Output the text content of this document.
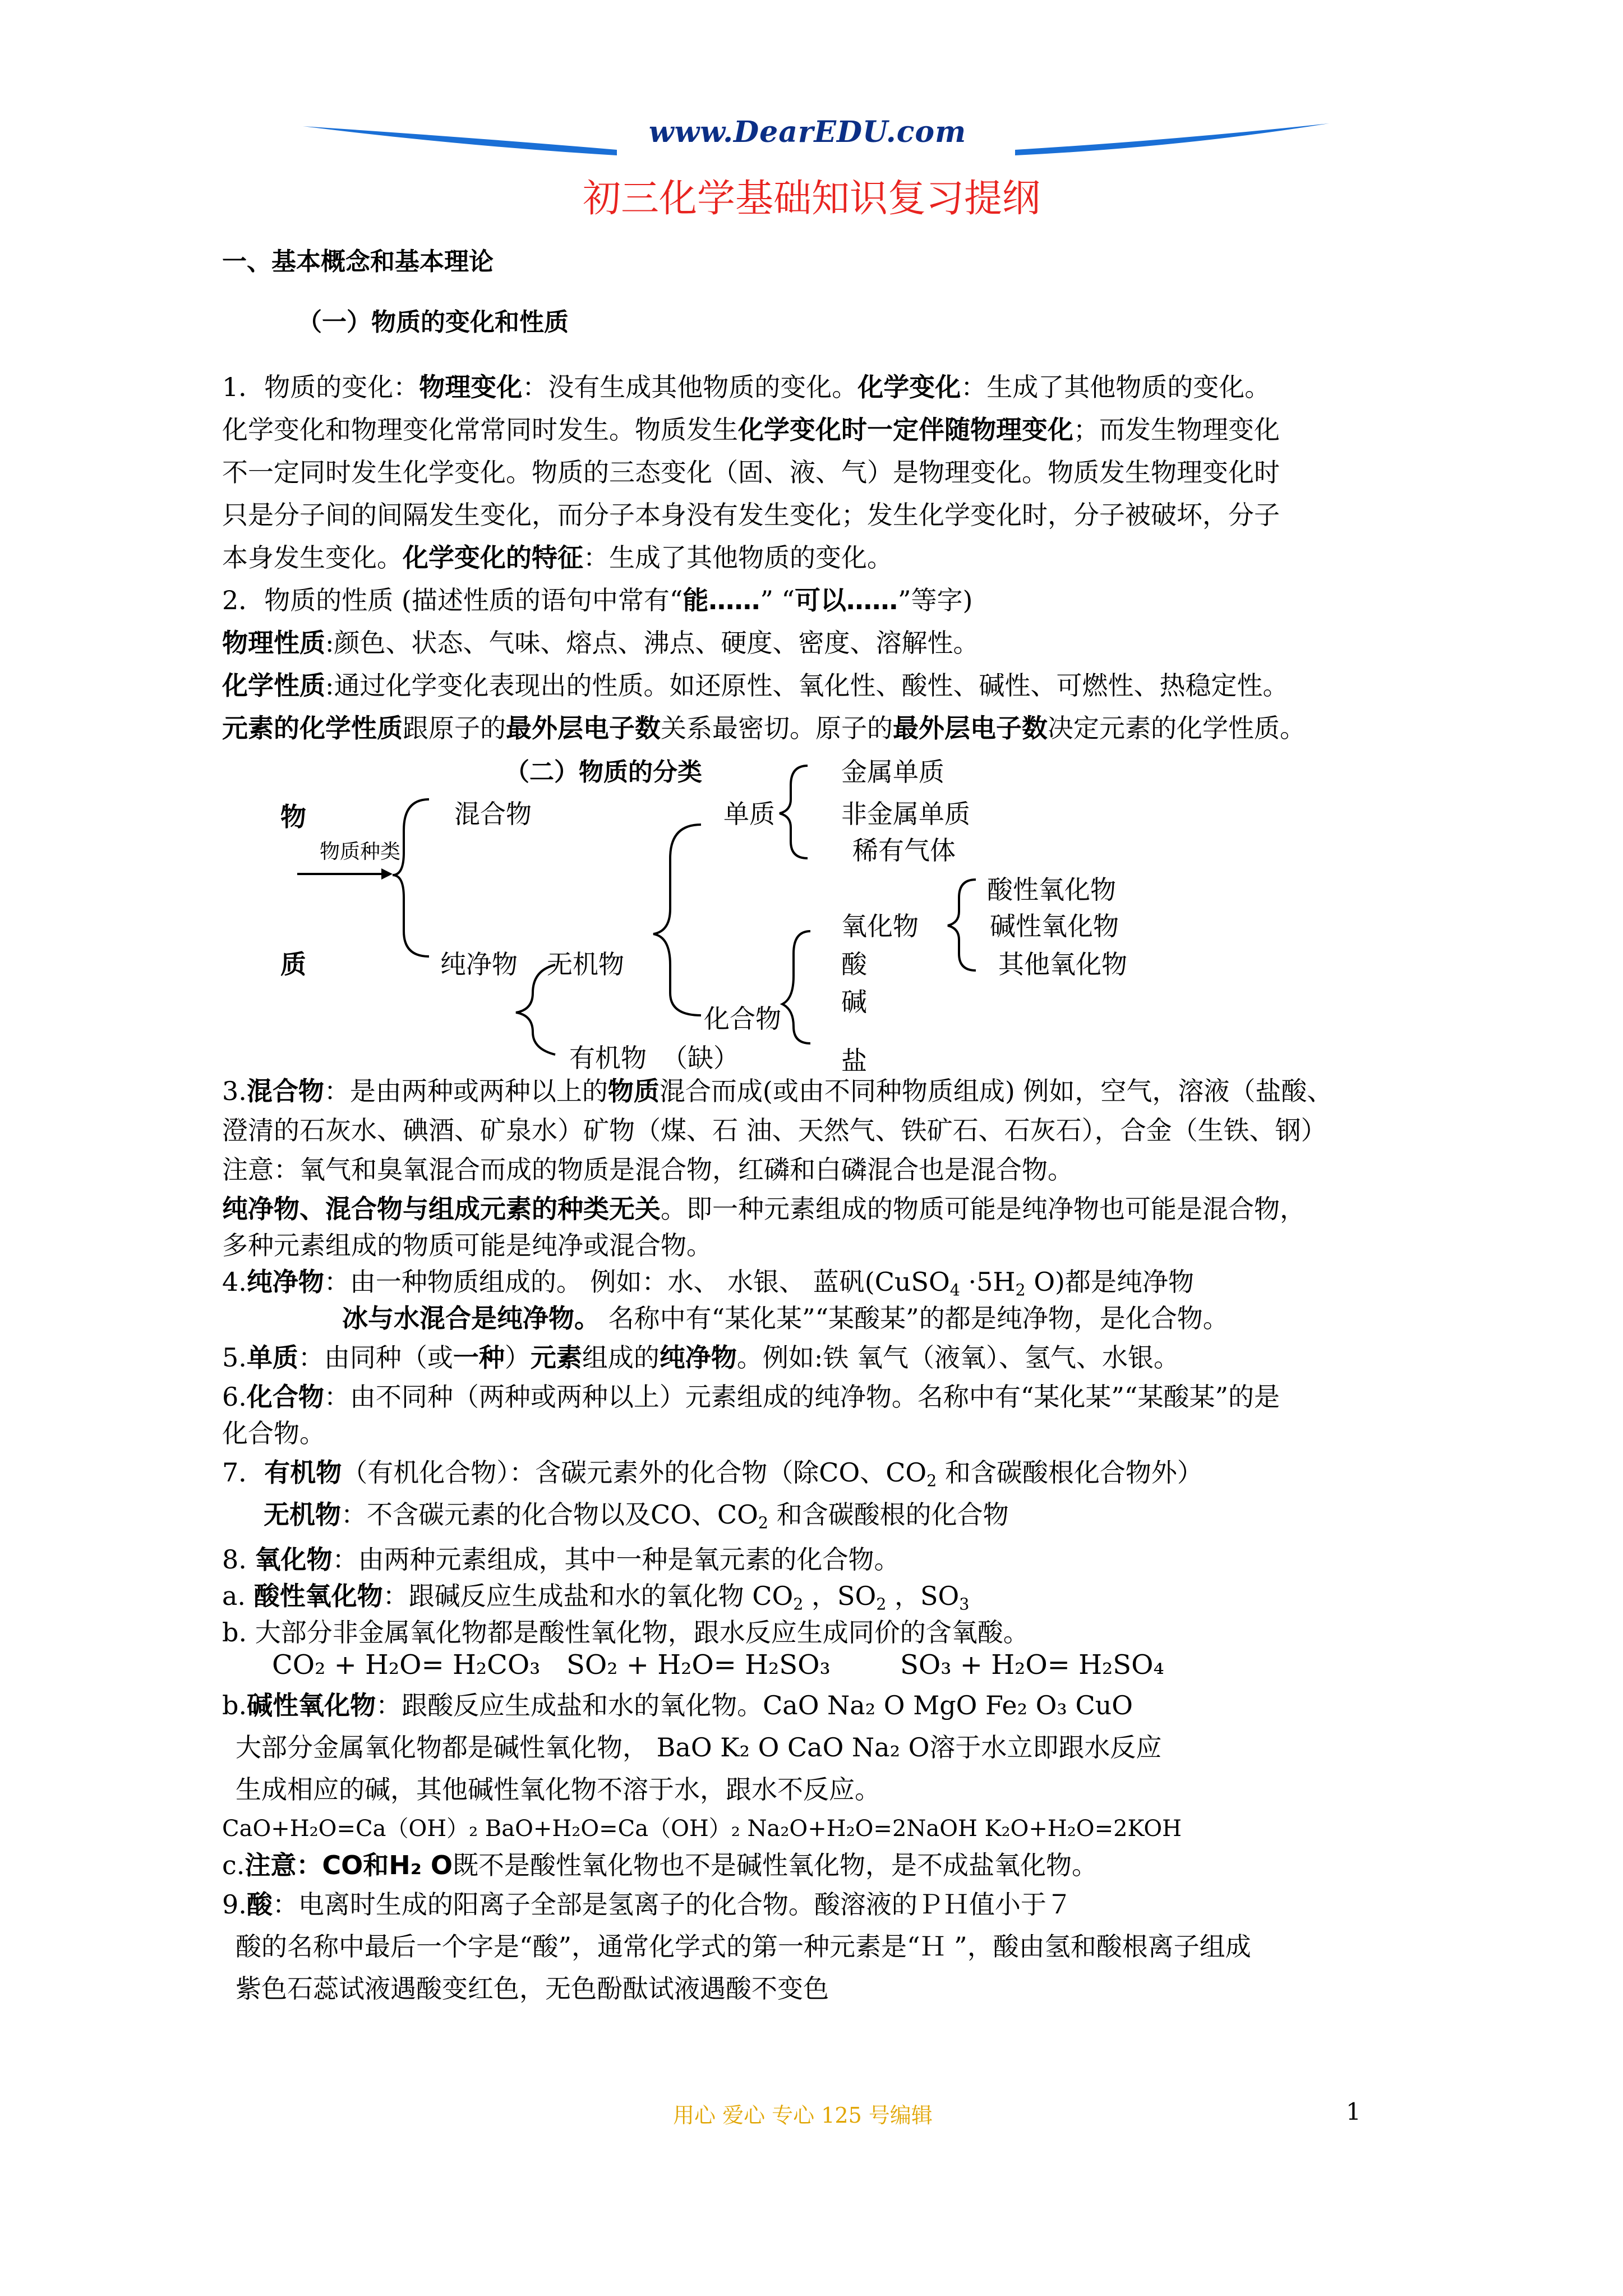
www.DearEDU.com
初三化学基础知识复习提纲
一、基本概念和基本理论
（一）物质的变化和性质
1．物质的变化：物理变化：没有生成其他物质的变化。化学变化：生成了其他物质的变化。
化学变化和物理变化常常同时发生。物质发生化学变化时一定伴随物理变化；而发生物理变化
不一定同时发生化学变化。物质的三态变化（固、液、气）是物理变化。物质发生物理变化时
只是分子间的间隔发生变化，而分子本身没有发生变化；发生化学变化时，分子被破坏，分子
本身发生变化。化学变化的特征：生成了其他物质的变化。
2．物质的性质 (描述性质的语句中常有“能……” “可以……”等字)
物理性质:颜色、状态、气味、熔点、沸点、硬度、密度、溶解性。
化学性质:通过化学变化表现出的性质。如还原性、氧化性、酸性、碱性、可燃性、热稳定性。
元素的化学性质跟原子的最外层电子数关系最密切。原子的最外层电子数决定元素的化学性质。
（二）物质的分类
物
质
物质种类
混合物
纯净物
单质
金属单质
非金属单质
稀有气体
无机物
有机物 （缺）
化合物
氧化物
酸性氧化物
碱性氧化物
其他氧化物
酸
碱
盐
3.混合物：是由两种或两种以上的物质混合而成(或由不同种物质组成) 例如，空气，溶液（盐酸、
澄清的石灰水、碘酒、矿泉水）矿物（煤、石 油、天然气、铁矿石、石灰石），合金（生铁、钢）
注意：氧气和臭氧混合而成的物质是混合物，红磷和白磷混合也是混合物。
纯净物、混合物与组成元素的种类无关。即一种元素组成的物质可能是纯净物也可能是混合物，
多种元素组成的物质可能是纯净或混合物。
4.纯净物：由一种物质组成的。 例如：水、 水银、 蓝矾(CuSO$_4$ $\cdot 5H_2$ O)都是纯净物
冰与水混合是纯净物。 名称中有“某化某”“某酸某”的都是纯净物，是化合物。
5.单质：由同种（或一种）元素组成的纯净物。例如:铁 氧气（液氧）、氢气、水银。
6.化合物：由不同种（两种或两种以上）元素组成的纯净物。名称中有“某化某”“某酸某”的是
化合物。
7．有机物（有机化合物）：含碳元素外的化合物（除CO、$CO_2$ 和含碳酸根化合物外）
无机物：不含碳元素的化合物以及CO、$CO_2$ 和含碳酸根的化合物
8. 氧化物：由两种元素组成，其中一种是氧元素的化合物。
a. 酸性氧化物：跟碱反应生成盐和水的氧化物 $CO_2$ ，$SO_2$ ，$SO_3$
b. 大部分非金属氧化物都是酸性氧化物，跟水反应生成同价的含氧酸。
CO₂ + H₂O= H₂CO₃ SO₂ + H₂O= H₂SO₃	SO₃ + H₂O= H₂SO₄
b.碱性氧化物：跟酸反应生成盐和水的氧化物。CaO Na₂ O MgO Fe₂ O₃ CuO
大部分金属氧化物都是碱性氧化物， BaO K₂ O CaO Na₂ O溶于水立即跟水反应
生成相应的碱，其他碱性氧化物不溶于水，跟水不反应。
CaO+H₂O=Ca（OH）₂ BaO+H₂O=Ca（OH）₂ Na₂O+H₂O=2NaOH K₂O+H₂O=2KOH
c.注意：CO和H₂ O既不是酸性氧化物也不是碱性氧化物，是不成盐氧化物。
9.酸：电离时生成的阳离子全部是氢离子的化合物。酸溶液的ＰＨ值小于７
酸的名称中最后一个字是“酸”，通常化学式的第一种元素是“Ｈ ”，酸由氢和酸根离子组成
紫色石蕊试液遇酸变红色，无色酚酞试液遇酸不变色
用心 爱心 专心 125 号编辑	1
